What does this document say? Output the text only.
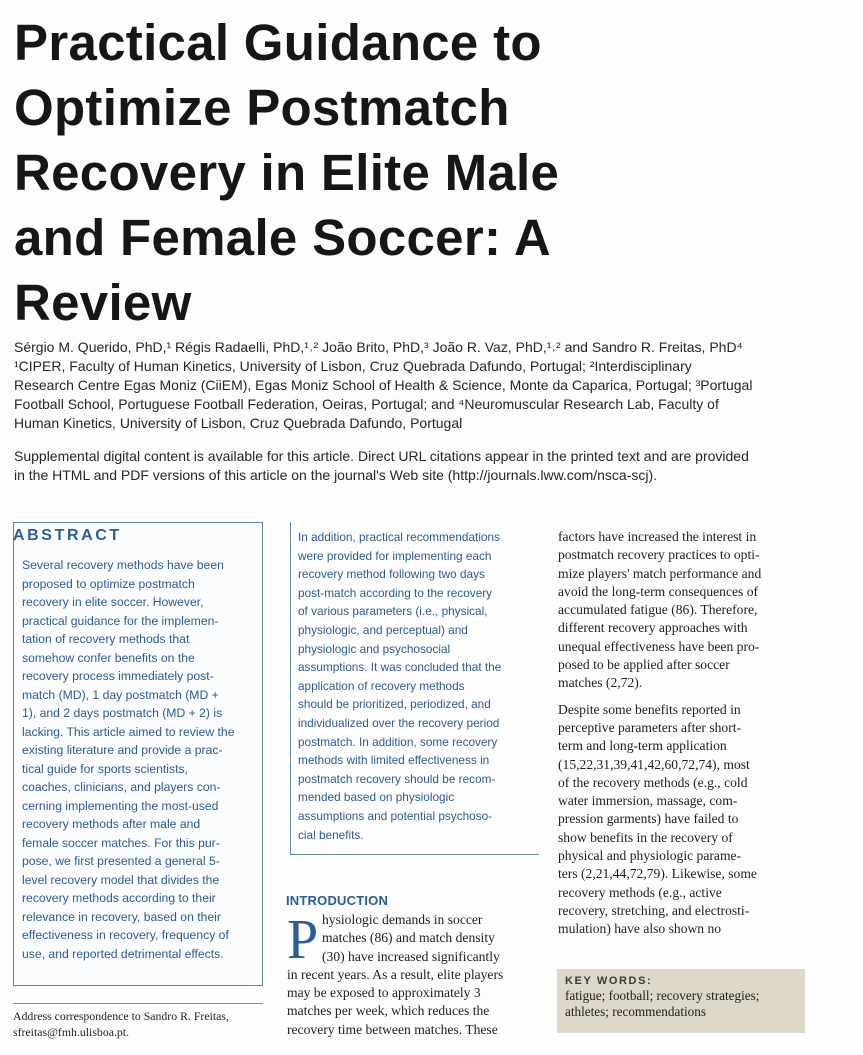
Practical Guidance to
Optimize Postmatch
Recovery in Elite Male
and Female Soccer: A
Review
Sérgio M. Querido, PhD,¹ Régis Radaelli, PhD,¹˒² João Brito, PhD,³ João R. Vaz, PhD,¹˒² and Sandro R. Freitas, PhD⁴
¹CIPER, Faculty of Human Kinetics, University of Lisbon, Cruz Quebrada Dafundo, Portugal; ²Interdisciplinary
Research Centre Egas Moniz (CiiEM), Egas Moniz School of Health & Science, Monte da Caparica, Portugal; ³Portugal
Football School, Portuguese Football Federation, Oeiras, Portugal; and ⁴Neuromuscular Research Lab, Faculty of
Human Kinetics, University of Lisbon, Cruz Quebrada Dafundo, Portugal
Supplemental digital content is available for this article. Direct URL citations appear in the printed text and are provided
in the HTML and PDF versions of this article on the journal's Web site (http://journals.lww.com/nsca-scj).
ABSTRACT
Several recovery methods have been
proposed to optimize postmatch
recovery in elite soccer. However,
practical guidance for the implemen-
tation of recovery methods that
somehow confer benefits on the
recovery process immediately post-
match (MD), 1 day postmatch (MD +
1), and 2 days postmatch (MD + 2) is
lacking. This article aimed to review the
existing literature and provide a prac-
tical guide for sports scientists,
coaches, clinicians, and players con-
cerning implementing the most-used
recovery methods after male and
female soccer matches. For this pur-
pose, we first presented a general 5-
level recovery model that divides the
recovery methods according to their
relevance in recovery, based on their
effectiveness in recovery, frequency of
use, and reported detrimental effects.
In addition, practical recommendations
were provided for implementing each
recovery method following two days
post-match according to the recovery
of various parameters (i.e., physical,
physiologic, and perceptual) and
physiologic and psychosocial
assumptions. It was concluded that the
application of recovery methods
should be prioritized, periodized, and
individualized over the recovery period
postmatch. In addition, some recovery
methods with limited effectiveness in
postmatch recovery should be recom-
mended based on physiologic
assumptions and potential psychoso-
cial benefits.
INTRODUCTION
P hysiologic demands in soccer
matches (86) and match density
(30) have increased significantly
in recent years. As a result, elite players
may be exposed to approximately 3
matches per week, which reduces the
recovery time between matches. These
factors have increased the interest in
postmatch recovery practices to opti-
mize players' match performance and
avoid the long-term consequences of
accumulated fatigue (86). Therefore,
different recovery approaches with
unequal effectiveness have been pro-
posed to be applied after soccer
matches (2,72).
Despite some benefits reported in
perceptive parameters after short-
term and long-term application
(15,22,31,39,41,42,60,72,74), most
of the recovery methods (e.g., cold
water immersion, massage, com-
pression garments) have failed to
show benefits in the recovery of
physical and physiologic parame-
ters (2,21,44,72,79). Likewise, some
recovery methods (e.g., active
recovery, stretching, and electrosti-
mulation) have also shown no
KEY WORDS:
fatigue; football; recovery strategies;
athletes; recommendations
Address correspondence to Sandro R. Freitas,
sfreitas@fmh.ulisboa.pt.
